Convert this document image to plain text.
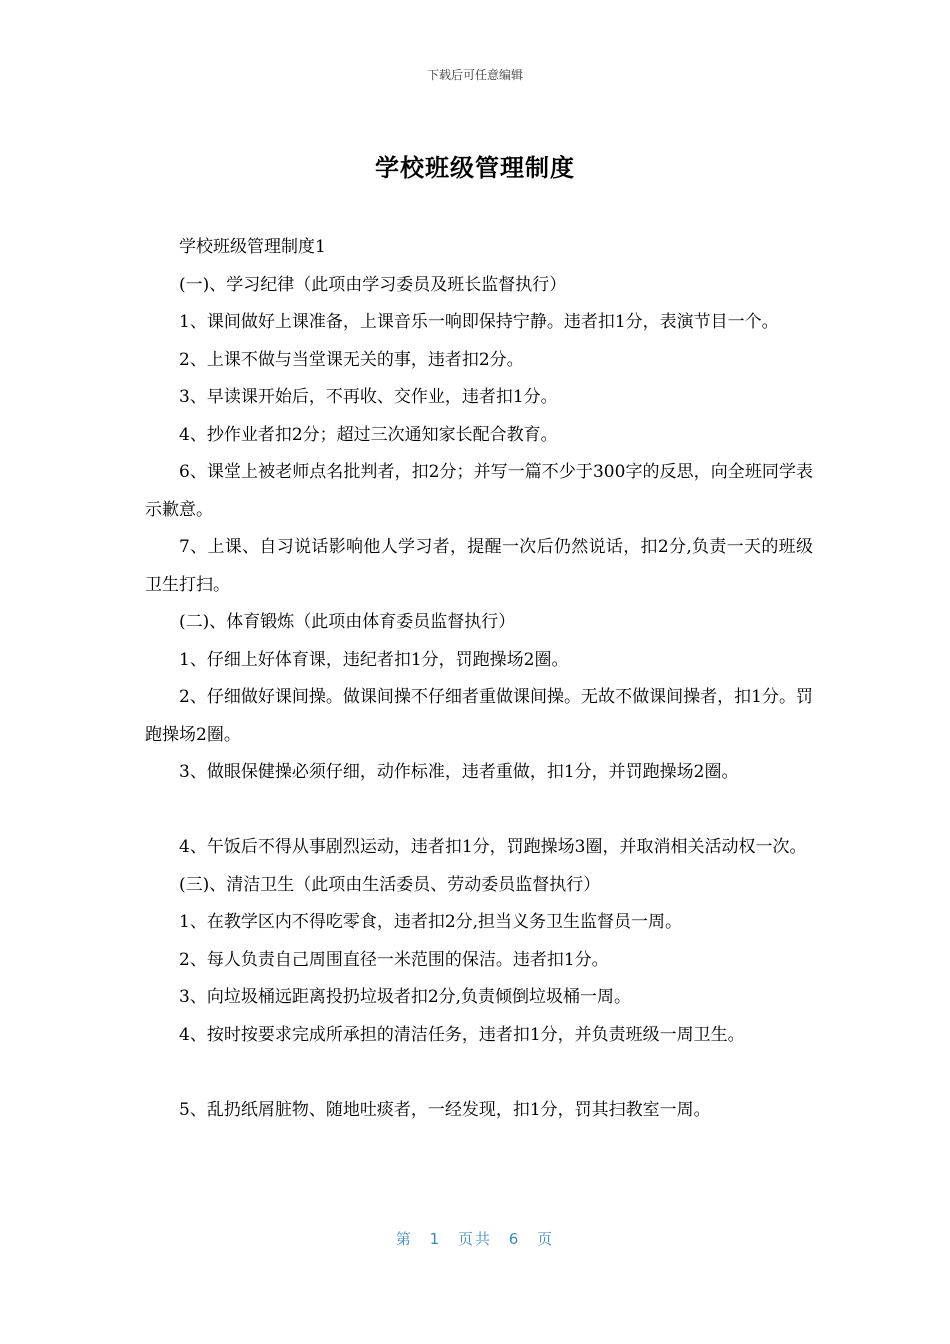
下载后可任意编辑
学校班级管理制度

学校班级管理制度1

(一)、学习纪律（此项由学习委员及班长监督执行）

1、课间做好上课准备，上课音乐一响即保持宁静。违者扣1分，表演节目一个。

2、上课不做与当堂课无关的事，违者扣2分。

3、早读课开始后，不再收、交作业，违者扣1分。

4、抄作业者扣2分；超过三次通知家长配合教育。

6、课堂上被老师点名批判者，扣2分；并写一篇不少于300字的反思，向全班同学表示歉意。

7、上课、自习说话影响他人学习者，提醒一次后仍然说话，扣2分,负责一天的班级卫生打扫。

(二)、体育锻炼（此项由体育委员监督执行）

1、仔细上好体育课，违纪者扣1分，罚跑操场2圈。

2、仔细做好课间操。做课间操不仔细者重做课间操。无故不做课间操者，扣1分。罚跑操场2圈。

3、做眼保健操必须仔细，动作标准，违者重做，扣1分，并罚跑操场2圈。

4、午饭后不得从事剧烈运动，违者扣1分，罚跑操场3圈，并取消相关活动权一次。

(三)、清洁卫生（此项由生活委员、劳动委员监督执行）

1、在教学区内不得吃零食，违者扣2分,担当义务卫生监督员一周。

2、每人负责自己周围直径一米范围的保洁。违者扣1分。

3、向垃圾桶远距离投扔垃圾者扣2分,负责倾倒垃圾桶一周。

4、按时按要求完成所承担的清洁任务，违者扣1分，并负责班级一周卫生。

5、乱扔纸屑脏物、随地吐痰者，一经发现，扣1分，罚其扫教室一周。

第 1 页共 6 页
